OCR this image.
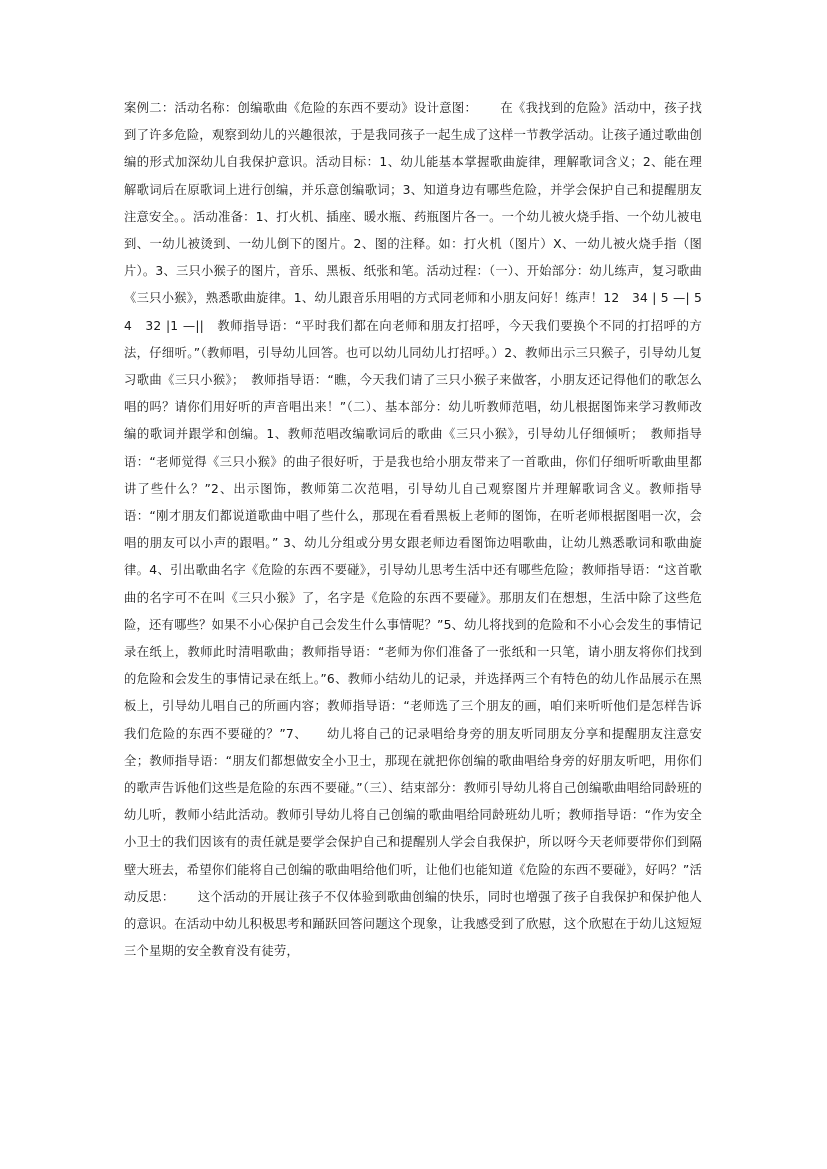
案例二：活动名称：创编歌曲《危险的东西不要动》设计意图：　　 在《我找到的危险》活动中，孩子找到了许多危险，观察到幼儿的兴趣很浓，于是我同孩子一起生成了这样一节教学活动。让孩子通过歌曲创编的形式加深幼儿自我保护意识。活动目标：1、幼儿能基本掌握歌曲旋律，理解歌词含义；2、能在理解歌词后在原歌词上进行创编，并乐意创编歌词；3、知道身边有哪些危险，并学会保护自己和提醒朋友注意安全。。活动准备：1、打火机、插座、暖水瓶、药瓶图片各一。一个幼儿被火烧手指、一个幼儿被电到、一幼儿被烫到、一幼儿倒下的图片。2、图的注释。如：打火机（图片）X、一幼儿被火烧手指（图片）。3、三只小猴子的图片，音乐、黑板、纸张和笔。活动过程：（一）、开始部分：幼儿练声，复习歌曲《三只小猴》，熟悉歌曲旋律。1、幼儿跟音乐用唱的方式同老师和小朋友问好！练声！12　34 | 5 —| 54　32 |1 —||　教师指导语：“平时我们都在向老师和朋友打招呼，今天我们要换个不同的打招呼的方法，仔细听。”（教师唱，引导幼儿回答。也可以幼儿同幼儿打招呼。）2、教师出示三只猴子，引导幼儿复习歌曲《三只小猴》；　教师指导语：“瞧，今天我们请了三只小猴子来做客，小朋友还记得他们的歌怎么唱的吗？请你们用好听的声音唱出来！”（二）、基本部分：幼儿听教师范唱，幼儿根据图饰来学习教师改编的歌词并跟学和创编。1、教师范唱改编歌词后的歌曲《三只小猴》，引导幼儿仔细倾听；　教师指导语：“老师觉得《三只小猴》的曲子很好听，于是我也给小朋友带来了一首歌曲，你们仔细听听歌曲里都讲了些什么？”2、出示图饰，教师第二次范唱，引导幼儿自己观察图片并理解歌词含义。教师指导语：“刚才朋友们都说道歌曲中唱了些什么，那现在看看黑板上老师的图饰，在听老师根据图唱一次，会唱的朋友可以小声的跟唱。” 3、幼儿分组或分男女跟老师边看图饰边唱歌曲，让幼儿熟悉歌词和歌曲旋律。4、引出歌曲名字《危险的东西不要碰》，引导幼儿思考生活中还有哪些危险；教师指导语：“这首歌曲的名字可不在叫《三只小猴》了，名字是《危险的东西不要碰》。那朋友们在想想，生活中除了这些危险，还有哪些？如果不小心保护自己会发生什么事情呢？”5、幼儿将找到的危险和不小心会发生的事情记录在纸上，教师此时清唱歌曲；教师指导语：“老师为你们准备了一张纸和一只笔，请小朋友将你们找到的危险和会发生的事情记录在纸上。”6、教师小结幼儿的记录，并选择两三个有特色的幼儿作品展示在黑板上，引导幼儿唱自己的所画内容；教师指导语：“老师选了三个朋友的画，咱们来听听他们是怎样告诉我们危险的东西不要碰的？”7、　　幼儿将自己的记录唱给身旁的朋友听同朋友分享和提醒朋友注意安全；教师指导语：“朋友们都想做安全小卫士，那现在就把你创编的歌曲唱给身旁的好朋友听吧，用你们的歌声告诉他们这些是危险的东西不要碰。”（三）、结束部分：教师引导幼儿将自己创编歌曲唱给同龄班的幼儿听，教师小结此活动。教师引导幼儿将自己创编的歌曲唱给同龄班幼儿听；教师指导语：“作为安全小卫士的我们因该有的责任就是要学会保护自己和提醒别人学会自我保护，所以呀今天老师要带你们到隔壁大班去，希望你们能将自己创编的歌曲唱给他们听，让他们也能知道《危险的东西不要碰》，好吗？”活动反思：　　 这个活动的开展让孩子不仅体验到歌曲创编的快乐，同时也增强了孩子自我保护和保护他人的意识。在活动中幼儿积极思考和踊跃回答问题这个现象，让我感受到了欣慰，这个欣慰在于幼儿这短短三个星期的安全教育没有徒劳，
